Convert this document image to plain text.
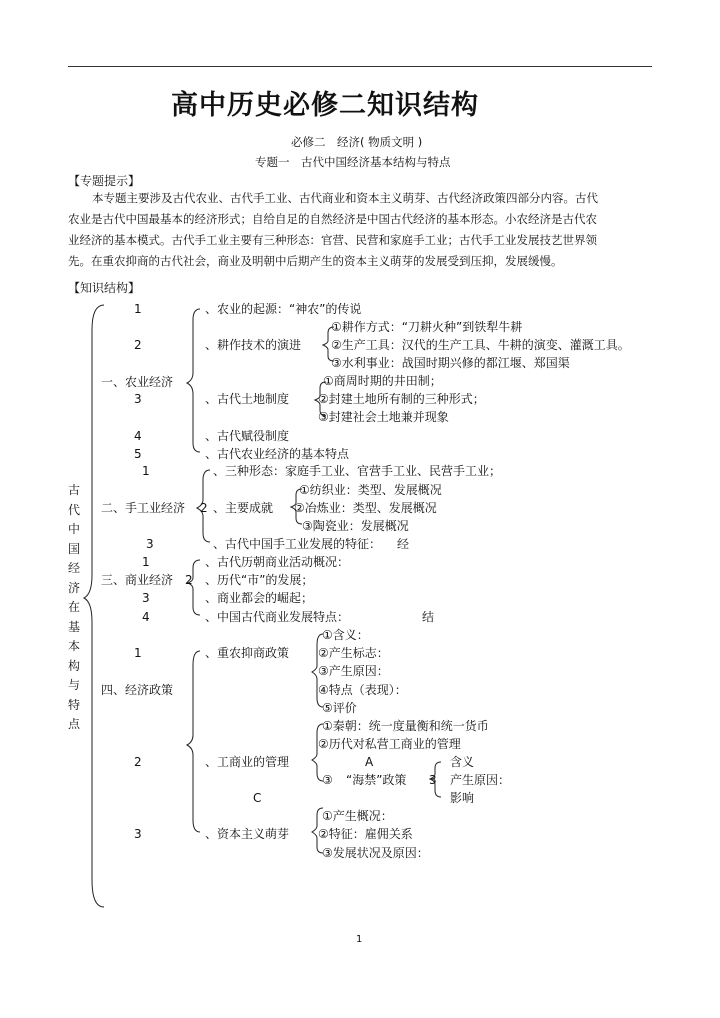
高中历史必修二知识结构
必修二　经济( 物质文明 )
专题一　古代中国经济基本结构与特点
【专题提示】
本专题主要涉及古代农业、古代手工业、古代商业和资本主义萌芽、古代经济政策四部分内容。古代
农业是古代中国最基本的经济形式；自给自足的自然经济是中国古代经济的基本形态。小农经济是古代农
业经济的基本模式。古代手工业主要有三种形态：官营、民营和家庭手工业；古代手工业发展技艺世界领
先。在重农抑商的古代社会，商业及明朝中后期产生的资本主义萌芽的发展受到压抑，发展缓慢。
【知识结构】
古代中国经济在基本构与特点
一、农业经济
二、手工业经济
三、商业经济
四、经济政策
1
2
3
4
5
1
2
3
1
2
3
4
1
2
3
、农业的起源：“神农”的传说
、耕作技术的演进
①耕作方式：“刀耕火种”到铁犁牛耕
②生产工具：汉代的生产工具、牛耕的演变、灌溉工具。
③水利事业：战国时期兴修的都江堰、郑国渠
、古代土地制度
①商周时期的井田制；
②封建土地所有制的三种形式；
③封建社会土地兼并现象
、古代赋役制度
、古代农业经济的基本特点
、三种形态：家庭手工业、官营手工业、民营手工业；
、主要成就
①纺织业：类型、发展概况
②冶炼业：类型、发展概况
③陶瓷业：发展概况
、古代中国手工业发展的特征： 经
、古代历朝商业活动概况：
、历代“市”的发展；
、商业都会的崛起；
、中国古代商业发展特点：	结
、重农抑商政策
①含义：
②产生标志：
③产生原因：
④特点（表现）：
⑤评价
、工商业的管理
①秦朝：统一度量衡和统一货币
②历代对私营工商业的管理
A
③ “海禁”政策 3
含义
产生原因：
影响
C
、资本主义萌芽
①产生概况：
②特征：雇佣关系
③发展状况及原因：
1
